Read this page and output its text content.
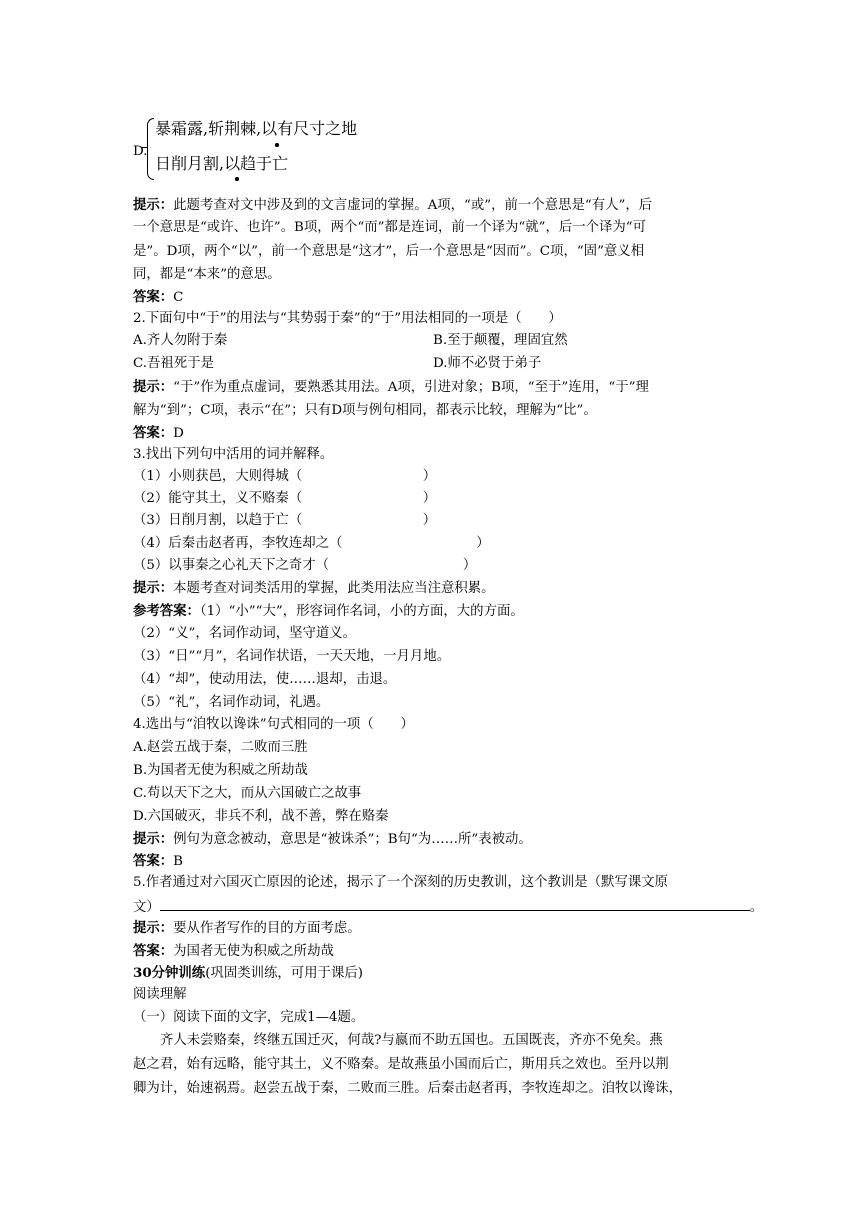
D.
暴霜露,斩荆棘,以有尺寸之地
日削月割,以趋于亡
提示：此题考查对文中涉及到的文言虚词的掌握。A项，“或”，前一个意思是“有人”，后
一个意思是“或许、也许”。B项，两个“而”都是连词，前一个译为“就”，后一个译为“可
是”。D项，两个“以”，前一个意思是“这才”，后一个意思是“因而”。C项，“固”意义相
同，都是“本来”的意思。
答案：C
2.下面句中“于”的用法与“其势弱于秦”的“于”用法相同的一项是（　　）
A.齐人勿附于秦	B.至于颠覆，理固宜然
C.吾祖死于是	D.师不必贤于弟子
提示：“于”作为重点虚词，要熟悉其用法。A项，引进对象；B项，“至于”连用，“于”理
解为“到”；C项，表示“在”；只有D项与例句相同，都表示比较，理解为“比”。
答案：D
3.找出下列句中活用的词并解释。
（1）小则获邑，大则得城（　　　　　　　　　）
（2）能守其土，义不赂秦（　　　　　　　　　）
（3）日削月割，以趋于亡（　　　　　　　　　）
（4）后秦击赵者再，李牧连却之（　　　　　　　　　　）
（5）以事秦之心礼天下之奇才（　　　　　　　　　　）
提示：本题考查对词类活用的掌握，此类用法应当注意积累。
参考答案：（1）“小”“大”，形容词作名词，小的方面，大的方面。
（2）“义”，名词作动词，坚守道义。
（3）“日”“月”，名词作状语，一天天地，一月月地。
（4）“却”，使动用法，使……退却，击退。
（5）“礼”，名词作动词，礼遇。
4.选出与“洎牧以谗诛”句式相同的一项（　　）
A.赵尝五战于秦，二败而三胜
B.为国者无使为积威之所劫哉
C.苟以天下之大，而从六国破亡之故事
D.六国破灭，非兵不利，战不善，弊在赂秦
提示：例句为意念被动，意思是“被诛杀”；B句“为……所”表被动。
答案：B
5.作者通过对六国灭亡原因的论述，揭示了一个深刻的历史教训，这个教训是（默写课文原
文）	。
提示：要从作者写作的目的方面考虑。
答案：为国者无使为积威之所劫哉
30分钟训练(巩固类训练，可用于课后)
阅读理解
（一）阅读下面的文字，完成1—4题。
齐人未尝赂秦，终继五国迁灭，何哉?与嬴而不助五国也。五国既丧，齐亦不免矣。燕
赵之君，始有远略，能守其土，义不赂秦。是故燕虽小国而后亡，斯用兵之效也。至丹以荆
卿为计，始速祸焉。赵尝五战于秦，二败而三胜。后秦击赵者再，李牧连却之。洎牧以谗诛，
